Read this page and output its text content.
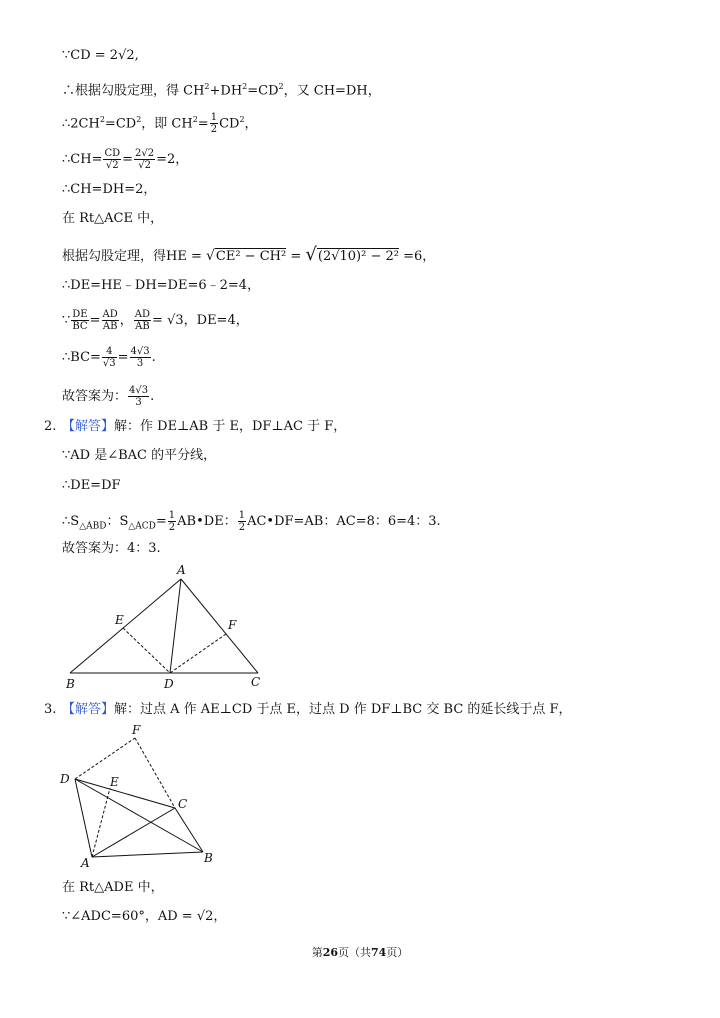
∵CD = 2√2,
∴根据勾股定理，得 $CH^2+DH^2=CD^2$，又 CH=DH，
$\therefore 2CH^2=CD^2$，即 $CH^2= \frac{1}{2} CD^2$，
∴CH= $\frac{CD}{√2} = \frac{2√2}{√2} =2$，
∴CH=DH=2，
在 Rt△ACE 中，
根据勾股定理，得HE = √CE² − CH² = √(2√10)² − 2² =6，
∴DE=HE﹣DH=DE=6﹣2=4，
∵ $\frac{DE}{BC} = \frac{AD}{AB}$ ， $\frac{AD}{AB} = √3$，DE=4，
∴BC= $\frac{4}{√3} = \frac{4√3}{3}$ .
故答案为： $\frac{4√3}{3}$ .
2. 【解答】解：作 DE⊥AB 于 E，DF⊥AC 于 F，
∵AD 是∠BAC 的平分线，
∴DE=DF
$\therefore S_{\triangle ABD}$：$S_{\triangle ACD}= \frac{1}{2}$ AB•DE： $\frac{1}{2}$ AC•DF=AB：AC=8：6=4：3.
故答案为：4：3.
A
B	C
D
E	F
3. 【解答】解：过点 A 作 AE⊥CD 于点 E，过点 D 作 DF⊥BC 交 BC 的延长线于点 F，
F
D	E
C
B
A
在 Rt△ADE 中，
∵∠ADC=60°，AD = √2，
第26页（共74页）
